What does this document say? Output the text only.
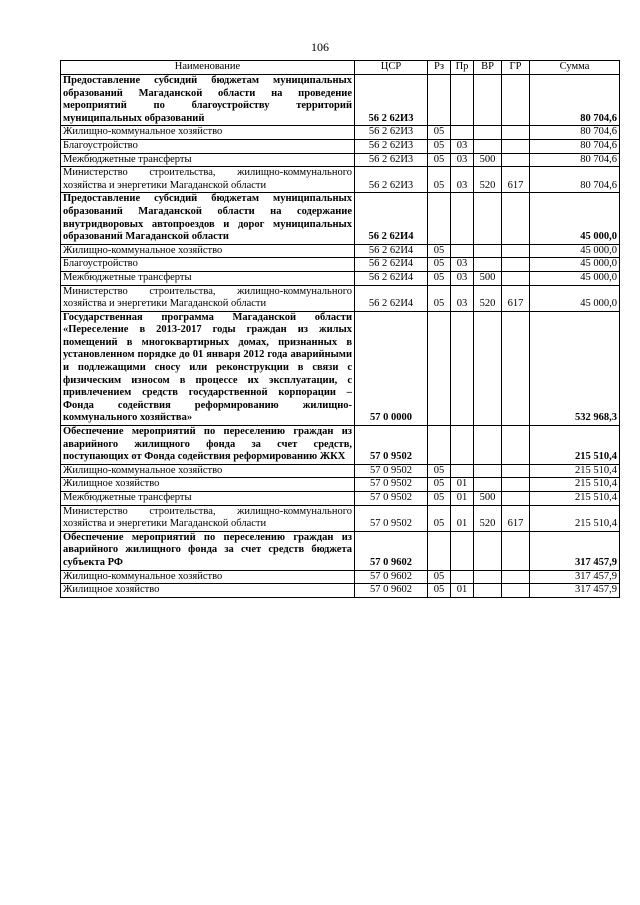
106
Наименование	ЦСР	Рз	Пр	ВР	ГР	Сумма
Предоставление субсидий бюджетам муниципальных образований Магаданской области на проведение мероприятий по благоустройству территорий муниципальных образований	56 2 62И3					80 704,6
Жилищно-коммунальное хозяйство	56 2 62И3	05				80 704,6
Благоустройство	56 2 62И3	05	03			80 704,6
Межбюджетные трансферты	56 2 62И3	05	03	500		80 704,6
Министерство строительства, жилищно-коммунального хозяйства и энергетики Магаданской области	56 2 62И3	05	03	520	617	80 704,6
Предоставление субсидий бюджетам муниципальных образований Магаданской области на содержание внутридворовых автопроездов и дорог муниципальных образований Магаданской области	56 2 62И4					45 000,0
Жилищно-коммунальное хозяйство	56 2 62И4	05				45 000,0
Благоустройство	56 2 62И4	05	03			45 000,0
Межбюджетные трансферты	56 2 62И4	05	03	500		45 000,0
Министерство строительства, жилищно-коммунального хозяйства и энергетики Магаданской области	56 2 62И4	05	03	520	617	45 000,0
Государственная программа Магаданской области «Переселение в 2013-2017 годы граждан из жилых помещений в многоквартирных домах, признанных в установленном порядке до 01 января 2012 года аварийными и подлежащими сносу или реконструкции в связи с физическим износом в процессе их эксплуатации, с привлечением средств государственной корпорации – Фонда содействия реформированию жилищно-коммунального хозяйства»	57 0 0000					532 968,3
Обеспечение мероприятий по переселению граждан из аварийного жилищного фонда за счет средств, поступающих от Фонда содействия реформированию ЖКХ	57 0 9502					215 510,4
Жилищно-коммунальное хозяйство	57 0 9502	05				215 510,4
Жилищное хозяйство	57 0 9502	05	01			215 510,4
Межбюджетные трансферты	57 0 9502	05	01	500		215 510,4
Министерство строительства, жилищно-коммунального хозяйства и энергетики Магаданской области	57 0 9502	05	01	520	617	215 510,4
Обеспечение мероприятий по переселению граждан из аварийного жилищного фонда за счет средств бюджета субъекта РФ	57 0 9602					317 457,9
Жилищно-коммунальное хозяйство	57 0 9602	05				317 457,9
Жилищное хозяйство	57 0 9602	05	01			317 457,9
